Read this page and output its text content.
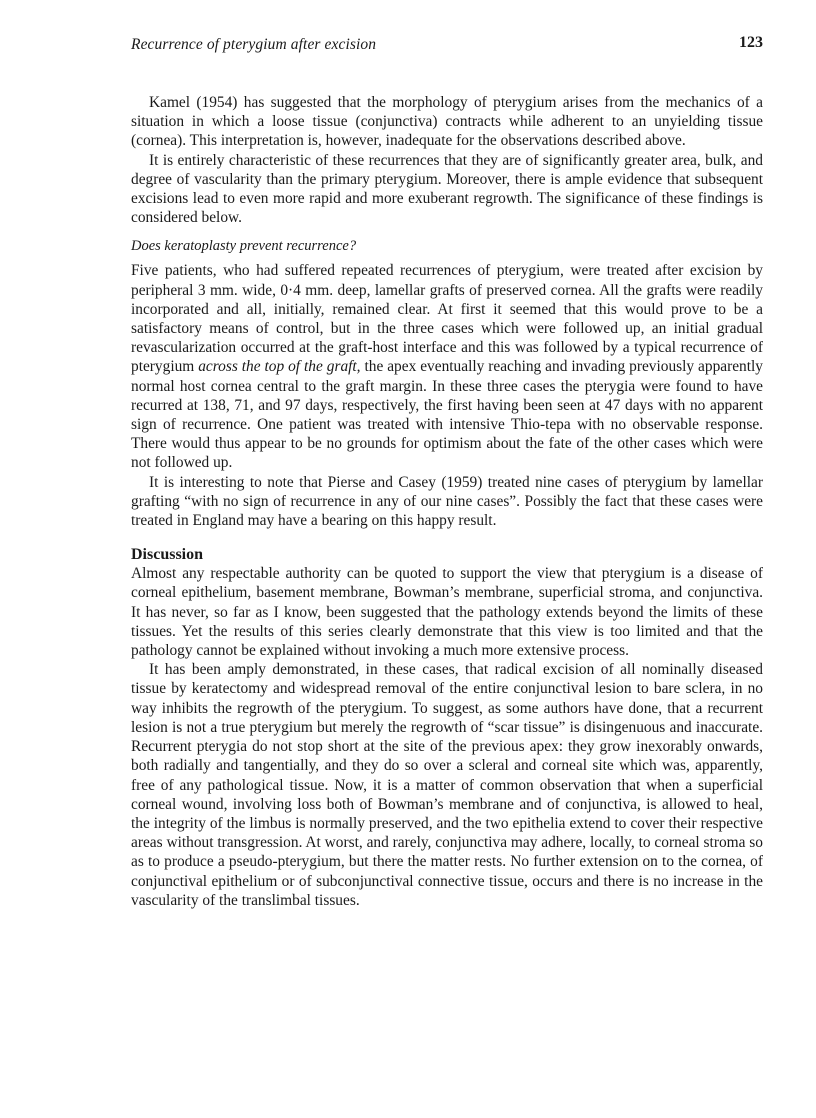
Recurrence of pterygium after excision	123

Kamel (1954) has suggested that the morphology of pterygium arises from the mechanics of a situation in which a loose tissue (conjunctiva) contracts while adherent to an unyielding tissue (cornea). This interpretation is, however, inadequate for the observations described above.

It is entirely characteristic of these recurrences that they are of significantly greater area, bulk, and degree of vascularity than the primary pterygium. Moreover, there is ample evidence that subsequent excisions lead to even more rapid and more exuberant regrowth. The significance of these findings is considered below.

Does keratoplasty prevent recurrence?

Five patients, who had suffered repeated recurrences of pterygium, were treated after excision by peripheral 3 mm. wide, 0·4 mm. deep, lamellar grafts of preserved cornea. All the grafts were readily incorporated and all, initially, remained clear. At first it seemed that this would prove to be a satisfactory means of control, but in the three cases which were followed up, an initial gradual revascularization occurred at the graft-host interface and this was followed by a typical recurrence of pterygium across the top of the graft, the apex eventually reaching and invading previously apparently normal host cornea central to the graft margin. In these three cases the pterygia were found to have recurred at 138, 71, and 97 days, respectively, the first having been seen at 47 days with no apparent sign of recurrence. One patient was treated with intensive Thio-tepa with no observable response. There would thus appear to be no grounds for optimism about the fate of the other cases which were not followed up.

It is interesting to note that Pierse and Casey (1959) treated nine cases of pterygium by lamellar grafting “with no sign of recurrence in any of our nine cases”. Possibly the fact that these cases were treated in England may have a bearing on this happy result.

Discussion

Almost any respectable authority can be quoted to support the view that pterygium is a disease of corneal epithelium, basement membrane, Bowman’s membrane, superficial stroma, and conjunctiva. It has never, so far as I know, been suggested that the pathology extends beyond the limits of these tissues. Yet the results of this series clearly demonstrate that this view is too limited and that the pathology cannot be explained without invoking a much more extensive process.

It has been amply demonstrated, in these cases, that radical excision of all nominally diseased tissue by keratectomy and widespread removal of the entire conjunctival lesion to bare sclera, in no way inhibits the regrowth of the pterygium. To suggest, as some authors have done, that a recurrent lesion is not a true pterygium but merely the regrowth of “scar tissue” is disingenuous and inaccurate. Recurrent pterygia do not stop short at the site of the previous apex: they grow inexorably onwards, both radially and tangentially, and they do so over a scleral and corneal site which was, apparently, free of any pathological tissue. Now, it is a matter of common observation that when a superficial corneal wound, involving loss both of Bowman’s membrane and of conjunctiva, is allowed to heal, the integrity of the limbus is normally preserved, and the two epithelia extend to cover their respective areas without transgression. At worst, and rarely, conjunctiva may adhere, locally, to corneal stroma so as to produce a pseudo-pterygium, but there the matter rests. No further extension on to the cornea, of conjunctival epithelium or of subconjunctival connective tissue, occurs and there is no increase in the vascularity of the translimbal tissues.
